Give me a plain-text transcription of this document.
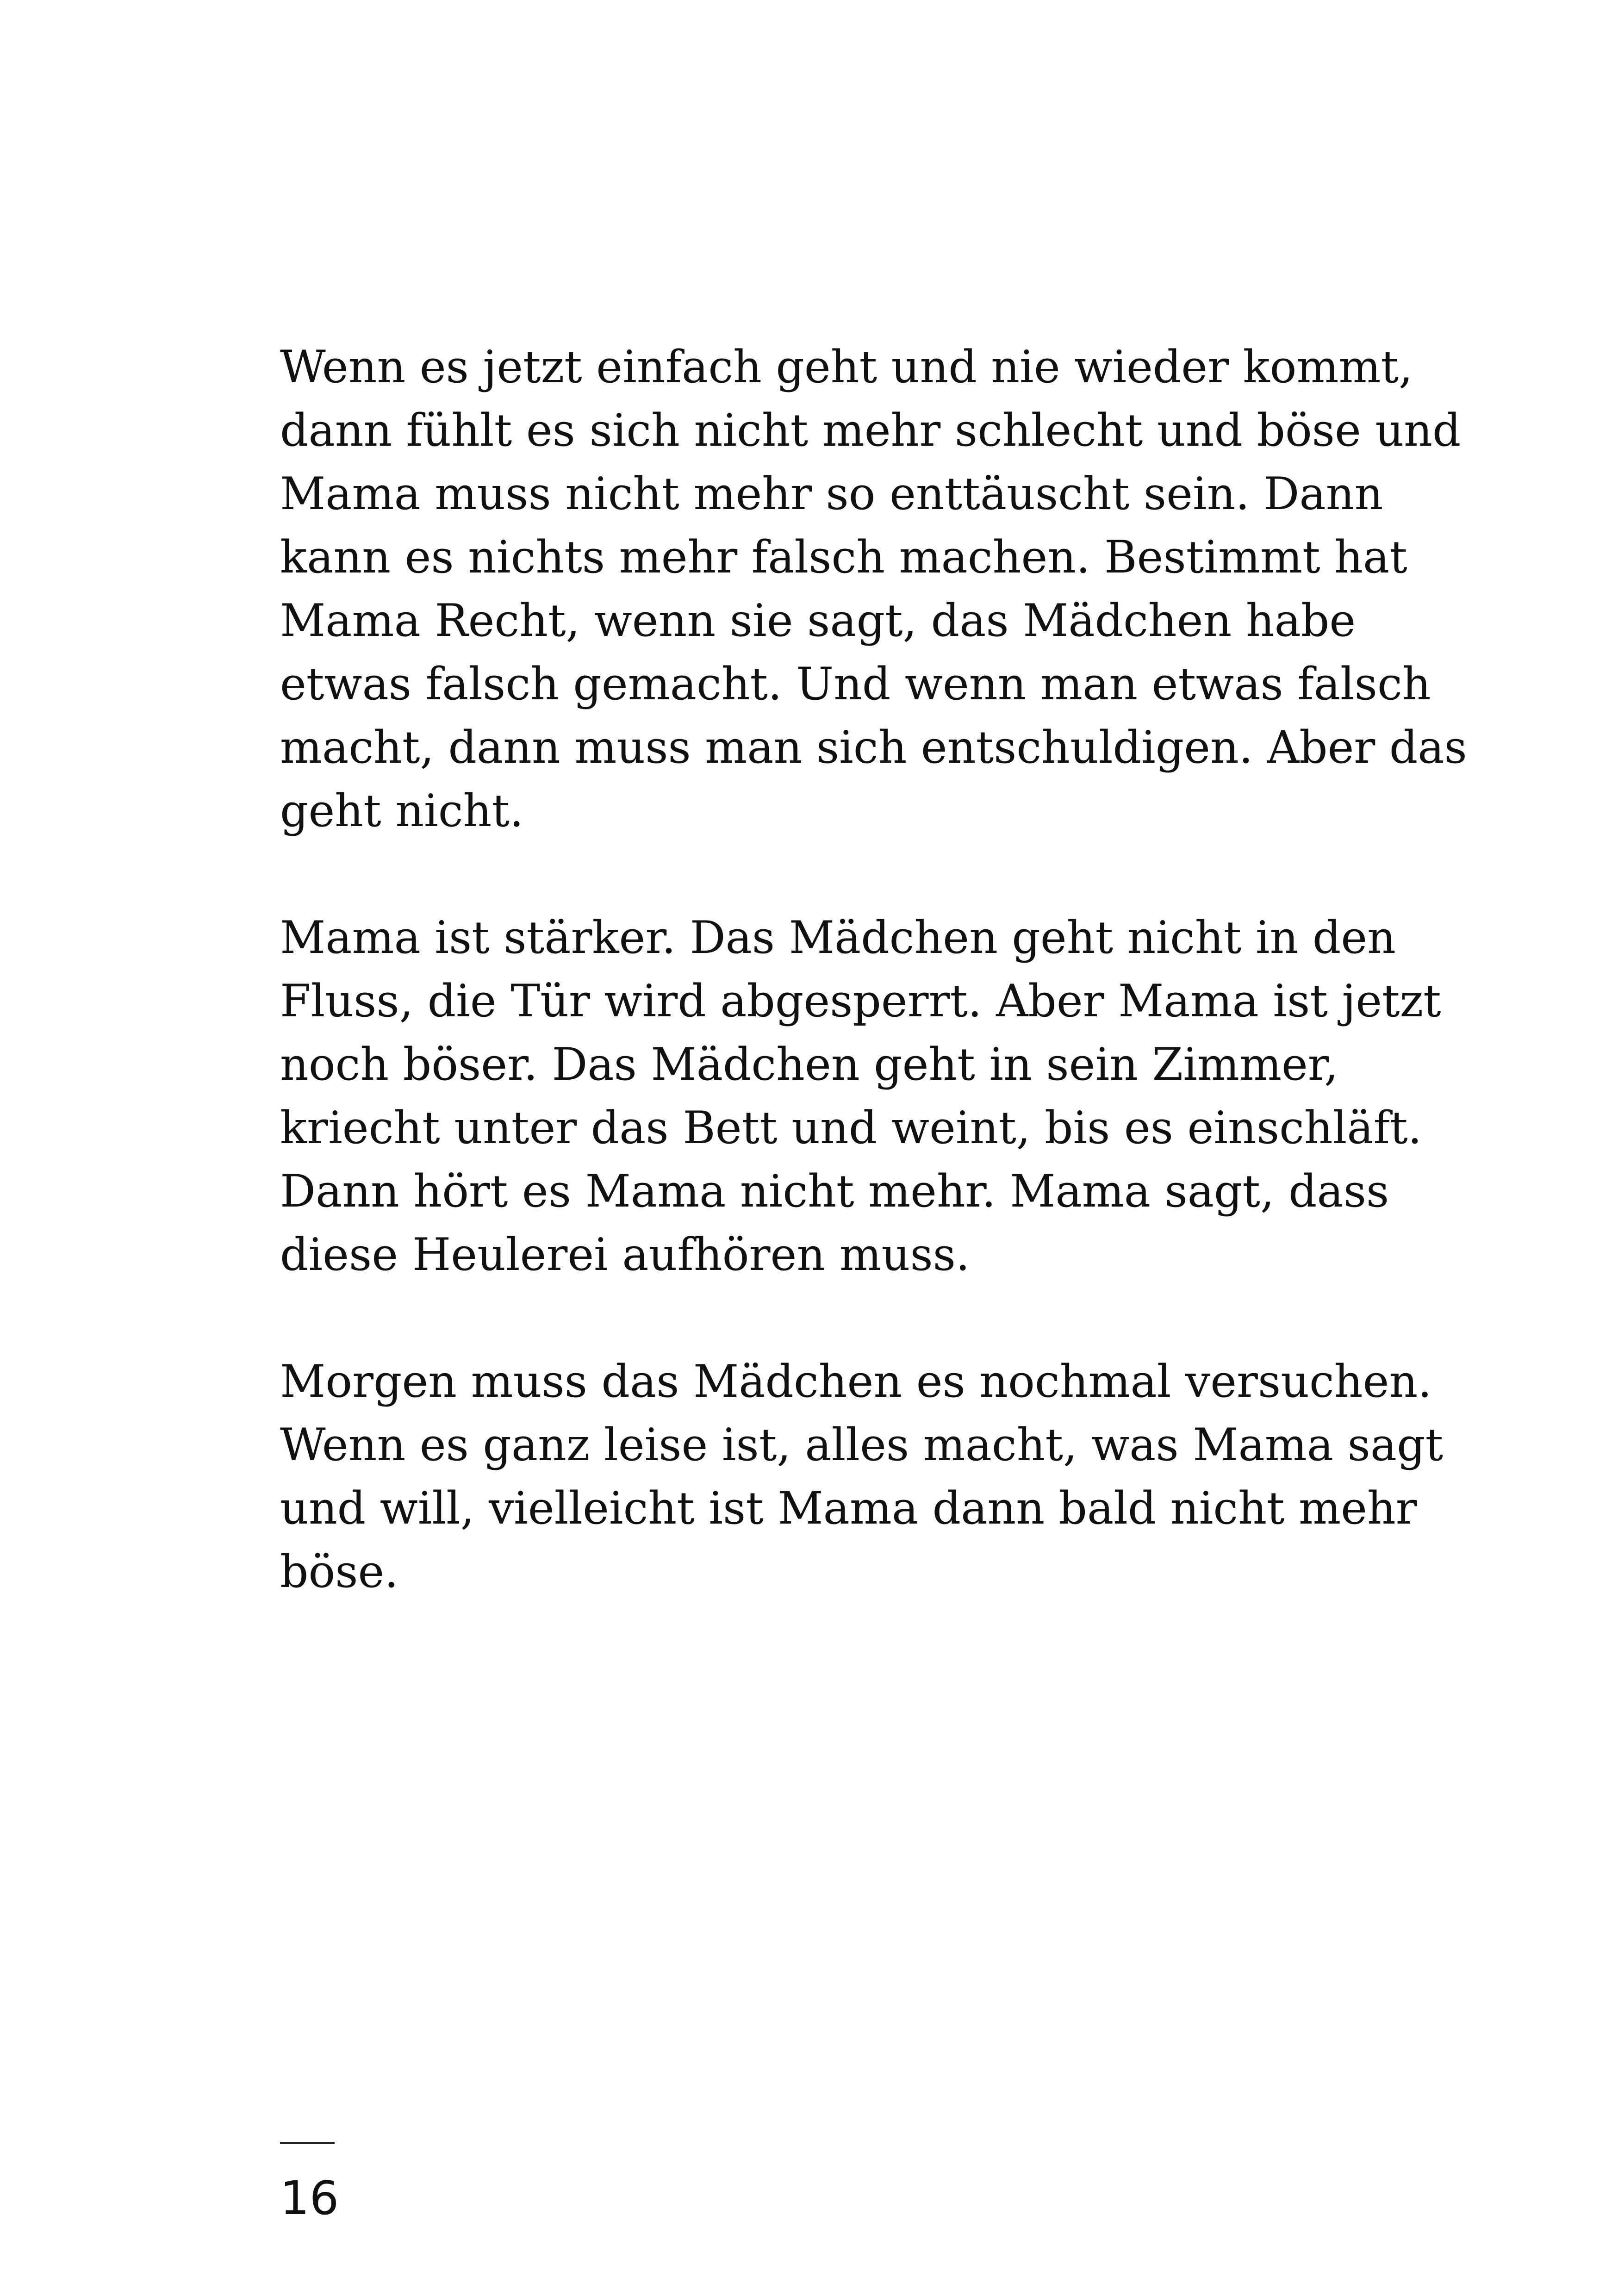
Wenn es jetzt einfach geht und nie wieder kommt,
dann fühlt es sich nicht mehr schlecht und böse und
Mama muss nicht mehr so enttäuscht sein. Dann
kann es nichts mehr falsch machen. Bestimmt hat
Mama Recht, wenn sie sagt, das Mädchen habe
etwas falsch gemacht. Und wenn man etwas falsch
macht, dann muss man sich entschuldigen. Aber das
geht nicht.

Mama ist stärker. Das Mädchen geht nicht in den
Fluss, die Tür wird abgesperrt. Aber Mama ist jetzt
noch böser. Das Mädchen geht in sein Zimmer,
kriecht unter das Bett und weint, bis es einschläft.
Dann hört es Mama nicht mehr. Mama sagt, dass
diese Heulerei aufhören muss.

Morgen muss das Mädchen es nochmal versuchen.
Wenn es ganz leise ist, alles macht, was Mama sagt
und will, vielleicht ist Mama dann bald nicht mehr
böse.

16
